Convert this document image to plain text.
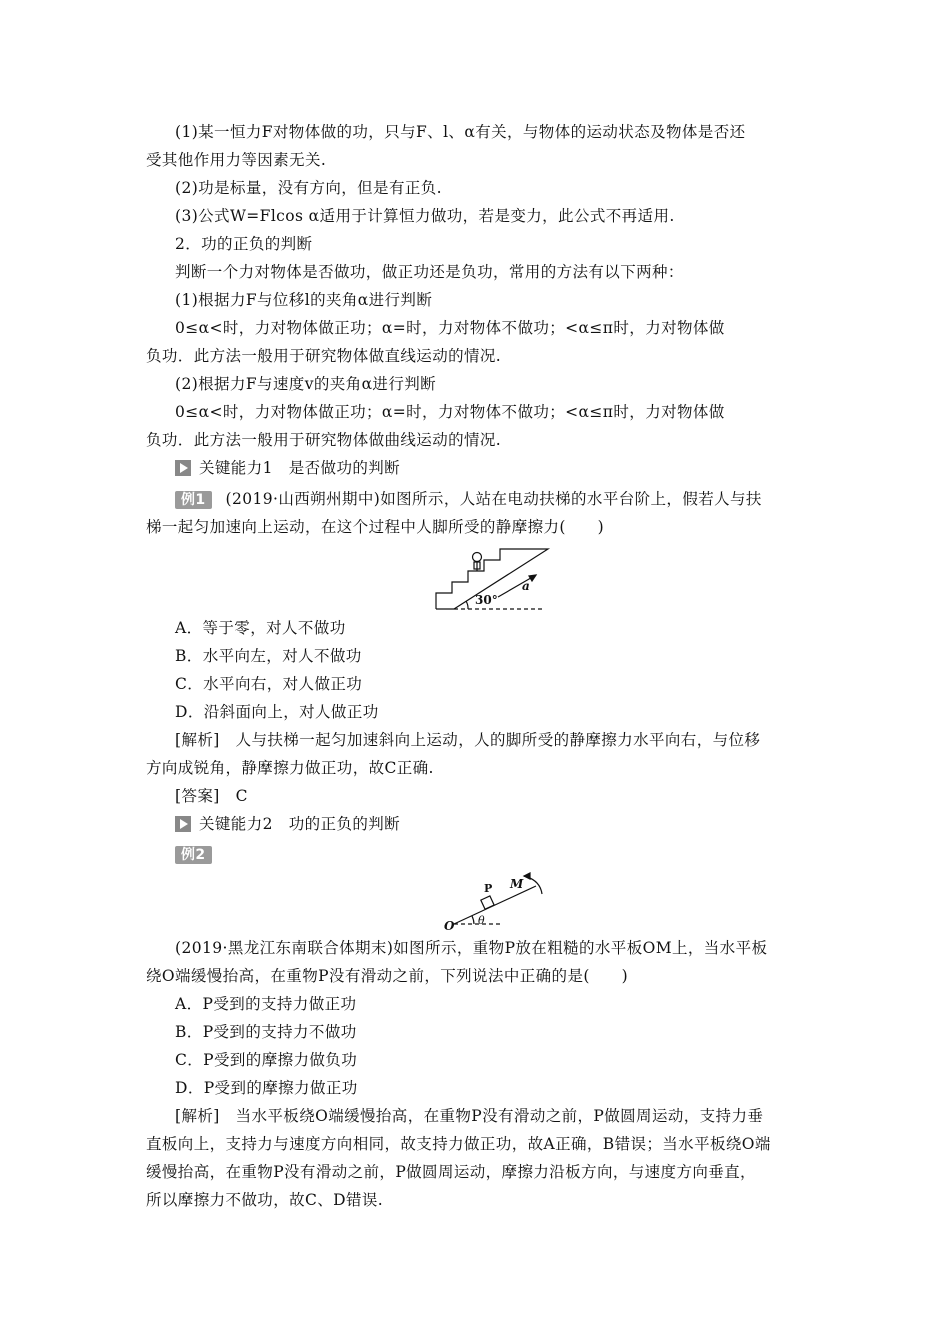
(1)某一恒力F对物体做的功，只与F、l、α有关，与物体的运动状态及物体是否还
受其他作用力等因素无关.
(2)功是标量，没有方向，但是有正负.
(3)公式W=Flcos α适用于计算恒力做功，若是变力，此公式不再适用.
2．功的正负的判断
判断一个力对物体是否做功，做正功还是负功，常用的方法有以下两种：
(1)根据力F与位移l的夹角α进行判断
0≤α<时，力对物体做正功；α=时，力对物体不做功；<α≤π时，力对物体做
负功．此方法一般用于研究物体做直线运动的情况.
(2)根据力F与速度v的夹角α进行判断
0≤α<时，力对物体做正功；α=时，力对物体不做功；<α≤π时，力对物体做
负功．此方法一般用于研究物体做曲线运动的情况.
关键能力1　是否做功的判断
例1 (2019·山西朔州期中)如图所示，人站在电动扶梯的水平台阶上，假若人与扶
梯一起匀加速向上运动，在这个过程中人脚所受的静摩擦力(　　)
30°
a
A．等于零，对人不做功
B．水平向左，对人不做功
C．水平向右，对人做正功
D．沿斜面向上，对人做正功
[解析]　人与扶梯一起匀加速斜向上运动，人的脚所受的静摩擦力水平向右，与位移
方向成锐角，静摩擦力做正功，故C正确.
[答案]　C
关键能力2　功的正负的判断
例2
O
P M
θ
(2019·黑龙江东南联合体期末)如图所示，重物P放在粗糙的水平板OM上，当水平板
绕O端缓慢抬高，在重物P没有滑动之前，下列说法中正确的是(　　)
A．P受到的支持力做正功
B．P受到的支持力不做功
C．P受到的摩擦力做负功
D．P受到的摩擦力做正功
[解析]　当水平板绕O端缓慢抬高，在重物P没有滑动之前，P做圆周运动，支持力垂
直板向上，支持力与速度方向相同，故支持力做正功，故A正确，B错误；当水平板绕O端
缓慢抬高，在重物P没有滑动之前，P做圆周运动，摩擦力沿板方向，与速度方向垂直，
所以摩擦力不做功，故C、D错误.
